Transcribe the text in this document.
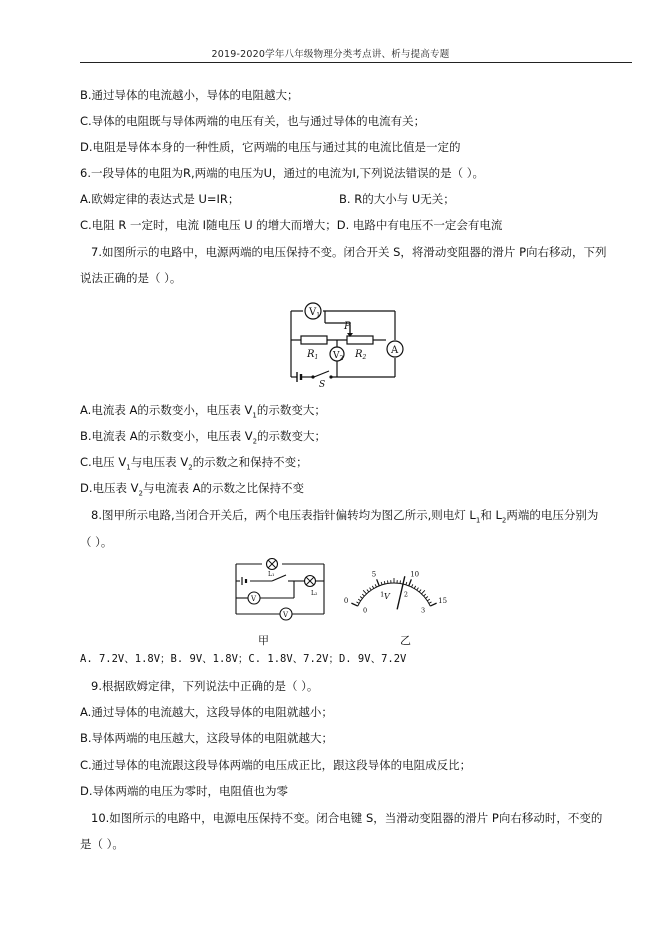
2019-2020学年八年级物理分类考点讲、析与提高专题
B.通过导体的电流越小，导体的电阻越大；
C.导体的电阻既与导体两端的电压有关，也与通过导体的电流有关；
D.电阻是导体本身的一种性质，它两端的电压与通过其的电流比值是一定的
6.一段导体的电阻为R,两端的电压为U，通过的电流为I,下列说法错误的是（ ）。
A.欧姆定律的表达式是 U=IR；	B. R的大小与 U无关；
C.电阻 R 一定时，电流 I随电压 U 的增大而增大；D. 电路中有电压不一定会有电流
7.如图所示的电路中，电源两端的电压保持不变。闭合开关 S，将滑动变阻器的滑片 P向右移动，下列
说法正确的是（ ）。
$V_1$
$V_2$
A
$R_1$	$R_2$
P
S
A.电流表 A的示数变小，电压表 $V_1$的示数变大；
B.电流表 A的示数变小，电压表 $V_2$的示数变大；
C.电压 $V_1$与电压表 $V_2$的示数之和保持不变；
D.电压表 $V_2$与电流表 A的示数之比保持不变
8.图甲所示电路,当闭合开关后，两个电压表指针偏转均为图乙所示,则电灯 $L_1$和 $L_2$两端的电压分别为
（ ）。
L₁
L₂
V
V
甲
0
5	10
15
0
1	2
3
V
乙
A. 7.2V、1.8V；B. 9V、1.8V；C. 1.8V、7.2V；D. 9V、7.2V
9.根据欧姆定律，下列说法中正确的是（ ）。
A.通过导体的电流越大，这段导体的电阻就越小；
B.导体两端的电压越大，这段导体的电阻就越大；
C.通过导体的电流跟这段导体两端的电压成正比，跟这段导体的电阻成反比；
D.导体两端的电压为零时，电阻值也为零
10.如图所示的电路中，电源电压保持不变。闭合电键 S，当滑动变阻器的滑片 P向右移动时，不变的
是（ ）。
